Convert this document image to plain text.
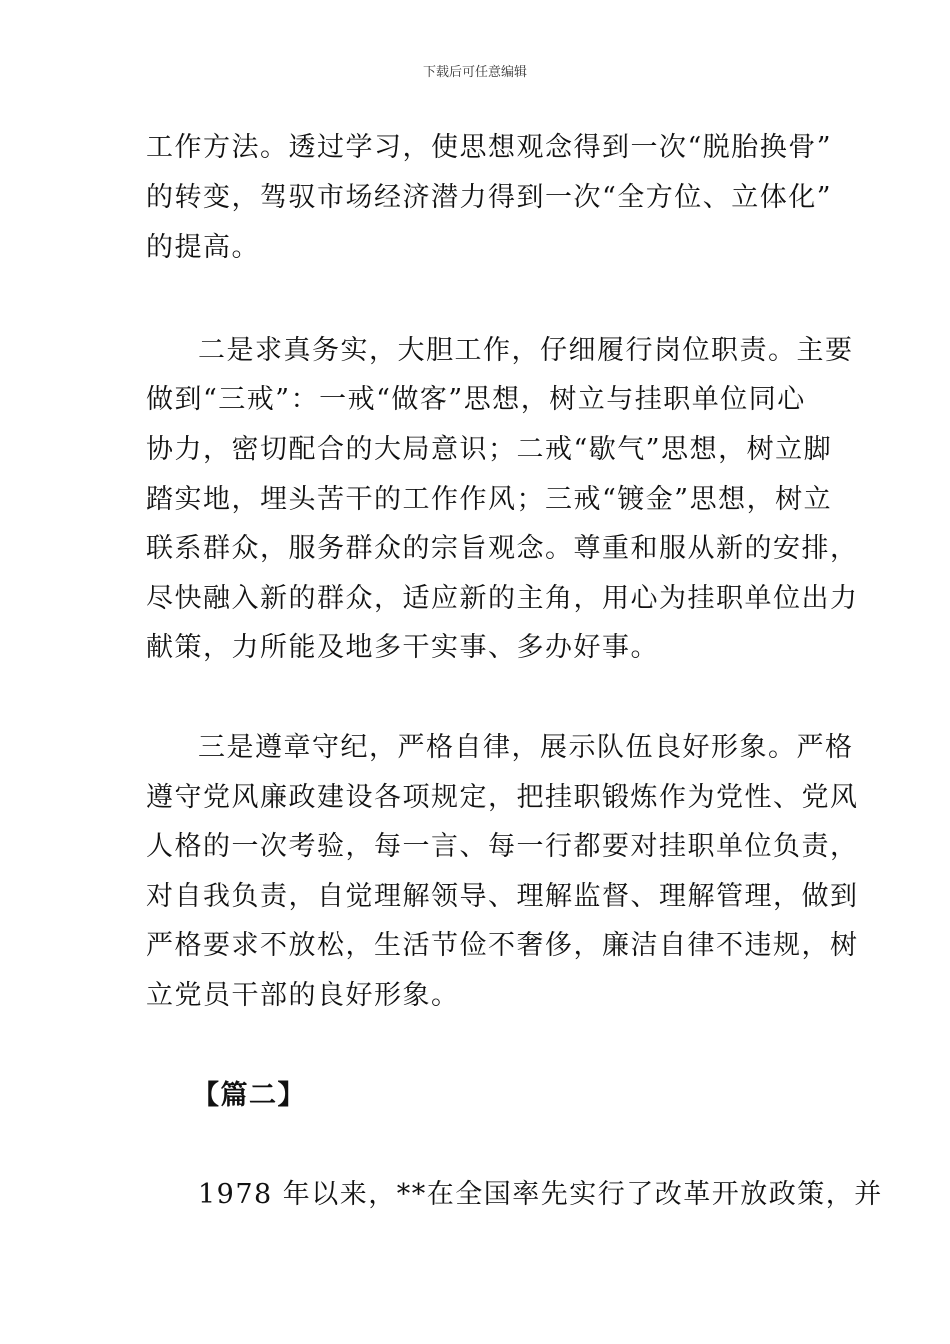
下载后可任意编辑
工作方法。透过学习，使思想观念得到一次“脱胎换骨”
的转变，驾驭市场经济潜力得到一次“全方位、立体化”
的提高。
二是求真务实，大胆工作，仔细履行岗位职责。主要
做到“三戒”：一戒“做客”思想，树立与挂职单位同心
协力，密切配合的大局意识；二戒“歇气”思想，树立脚
踏实地，埋头苦干的工作作风；三戒“镀金”思想，树立
联系群众，服务群众的宗旨观念。尊重和服从新的安排，
尽快融入新的群众，适应新的主角，用心为挂职单位出力
献策，力所能及地多干实事、多办好事。
三是遵章守纪，严格自律，展示队伍良好形象。严格
遵守党风廉政建设各项规定，把挂职锻炼作为党性、党风
人格的一次考验，每一言、每一行都要对挂职单位负责，
对自我负责，自觉理解领导、理解监督、理解管理，做到
严格要求不放松，生活节俭不奢侈，廉洁自律不违规，树
立党员干部的良好形象。
【篇二】
1978 年以来，**在全国率先实行了改革开放政策，并
